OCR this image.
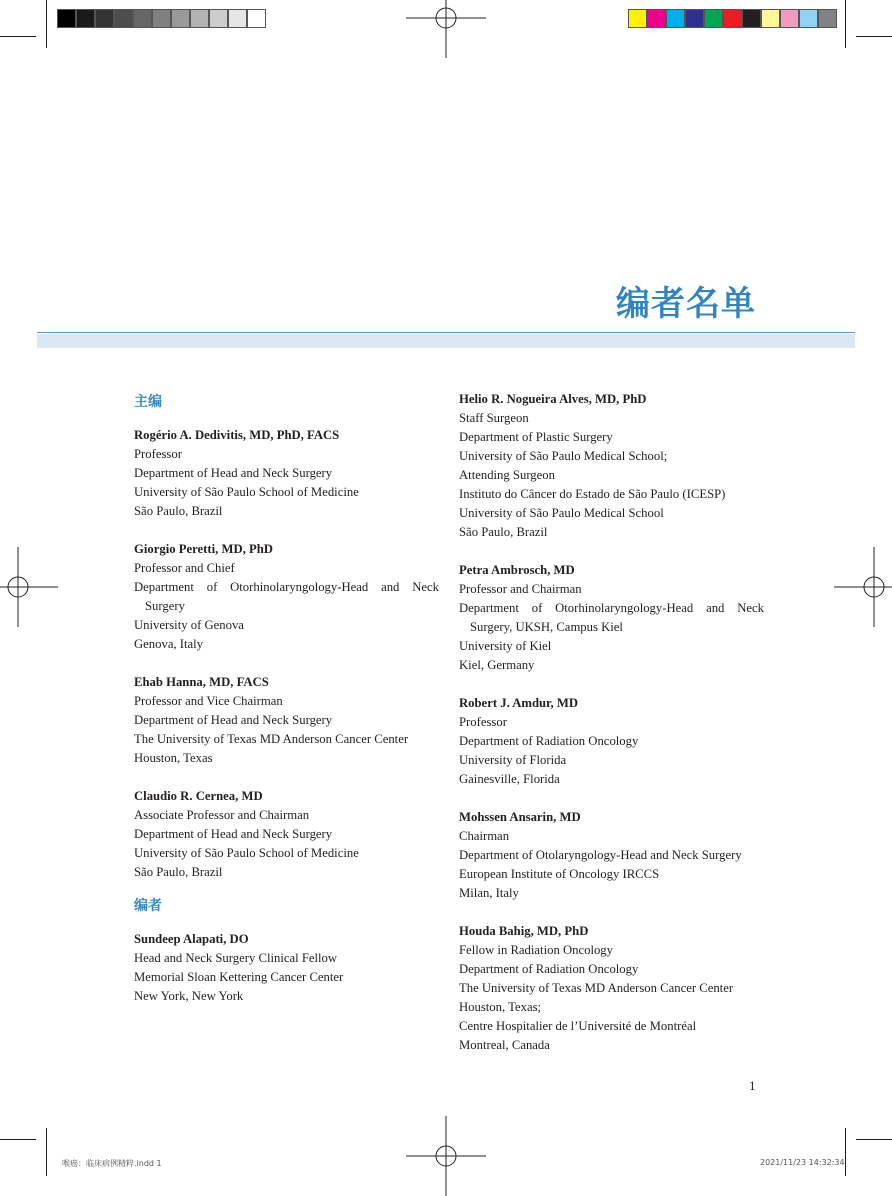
编者名单
主编
Rogério A. Dedivitis, MD, PhD, FACS
Professor
Department of Head and Neck Surgery
University of São Paulo School of Medicine
São Paulo, Brazil
Giorgio Peretti, MD, PhD
Professor and Chief
Department of Otorhinolaryngology-Head and Neck
Surgery
University of Genova
Genova, Italy
Ehab Hanna, MD, FACS
Professor and Vice Chairman
Department of Head and Neck Surgery
The University of Texas MD Anderson Cancer Center
Houston, Texas
Claudio R. Cernea, MD
Associate Professor and Chairman
Department of Head and Neck Surgery
University of São Paulo School of Medicine
São Paulo, Brazil
编者
Sundeep Alapati, DO
Head and Neck Surgery Clinical Fellow
Memorial Sloan Kettering Cancer Center
New York, New York
Helio R. Nogueira Alves, MD, PhD
Staff Surgeon
Department of Plastic Surgery
University of São Paulo Medical School;
Attending Surgeon
Instituto do Câncer do Estado de São Paulo (ICESP)
University of São Paulo Medical School
São Paulo, Brazil
Petra Ambrosch, MD
Professor and Chairman
Department of Otorhinolaryngology-Head and Neck
Surgery, UKSH, Campus Kiel
University of Kiel
Kiel, Germany
Robert J. Amdur, MD
Professor
Department of Radiation Oncology
University of Florida
Gainesville, Florida
Mohssen Ansarin, MD
Chairman
Department of Otolaryngology-Head and Neck Surgery
European Institute of Oncology IRCCS
Milan, Italy
Houda Bahig, MD, PhD
Fellow in Radiation Oncology
Department of Radiation Oncology
The University of Texas MD Anderson Cancer Center
Houston, Texas;
Centre Hospitalier de l’Université de Montréal
Montreal, Canada
1
喉癌：临床病例精粹.indd 1	2021/11/23 14:32:34
